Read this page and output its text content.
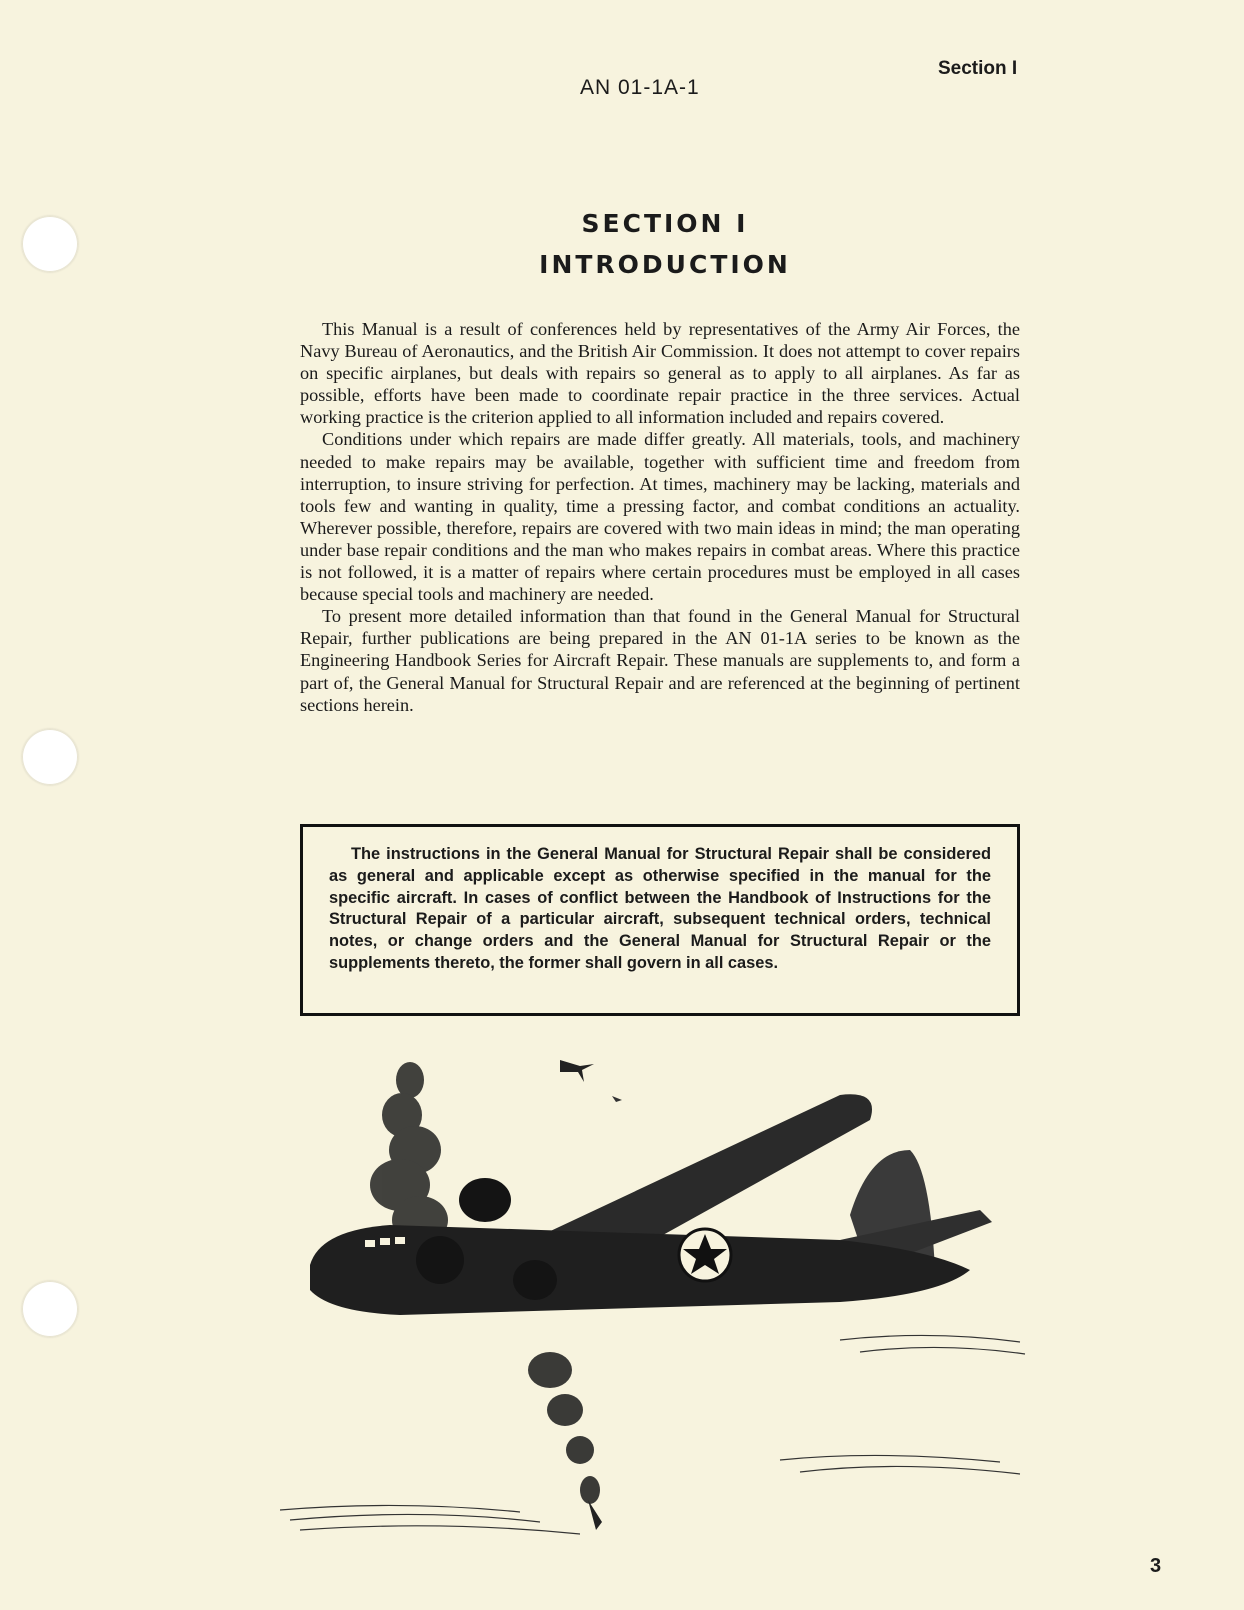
AN 01-1A-1
Section I
SECTION I
INTRODUCTION

This Manual is a result of conferences held by representatives of the Army Air Forces, the Navy Bureau of Aeronautics, and the British Air Commission. It does not attempt to cover repairs on specific airplanes, but deals with repairs so general as to apply to all airplanes. As far as possible, efforts have been made to coordinate repair practice in the three services. Actual working practice is the criterion applied to all information included and repairs covered.

Conditions under which repairs are made differ greatly. All materials, tools, and machinery needed to make repairs may be available, together with sufficient time and freedom from interruption, to insure striving for perfection. At times, machinery may be lacking, materials and tools few and wanting in quality, time a pressing factor, and combat conditions an actuality. Wherever possible, therefore, repairs are covered with two main ideas in mind; the man operating under base repair conditions and the man who makes repairs in combat areas. Where this practice is not followed, it is a matter of repairs where certain procedures must be employed in all cases because special tools and machinery are needed.

To present more detailed information than that found in the General Manual for Structural Repair, further publications are being prepared in the AN 01-1A series to be known as the Engineering Handbook Series for Aircraft Repair. These manuals are supplements to, and form a part of, the General Manual for Structural Repair and are referenced at the beginning of pertinent sections herein.

The instructions in the General Manual for Structural Repair shall be considered as general and applicable except as otherwise specified in the manual for the specific aircraft. In cases of conflict between the Handbook of Instructions for the Structural Repair of a particular aircraft, subsequent technical orders, technical notes, or change orders and the General Manual for Structural Repair or the supplements thereto, the former shall govern in all cases.

3
